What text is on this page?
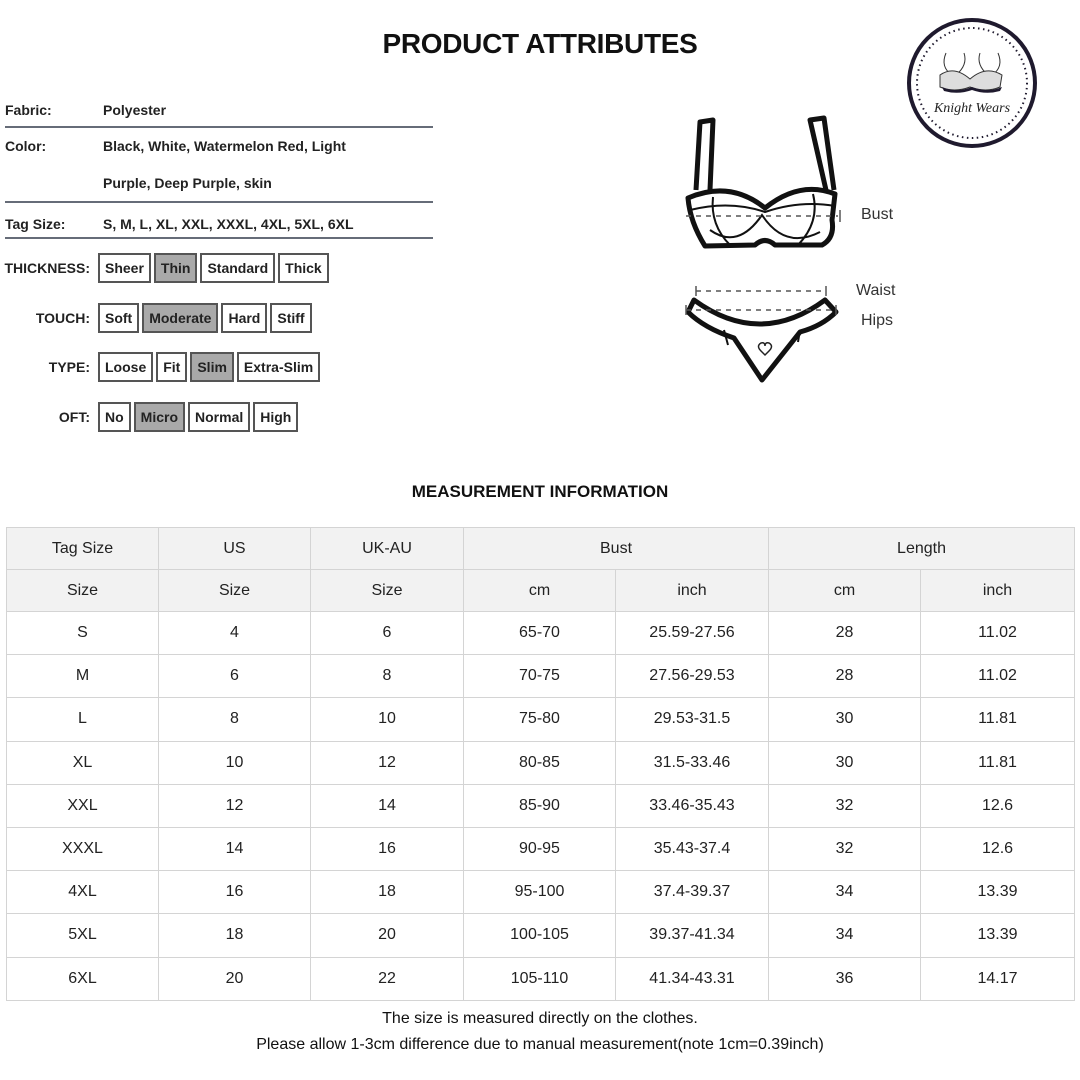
PRODUCT ATTRIBUTES
Knight Wears
Fabric:	Polyester
Color:	Black, White, Watermelon Red, Light
Purple, Deep Purple, skin
Tag Size:	S, M, L, XL, XXL, XXXL, 4XL, 5XL, 6XL
THICKNESS:	Sheer	Thin	Standard	Thick
TOUCH:	Soft	Moderate	Hard	Stiff
TYPE:	Loose	Fit	Slim	Extra-Slim
OFT:	No	Micro	Normal	High
Bust
Waist
Hips
MEASUREMENT INFORMATION
Tag Size	US	UK-AU	Bust		Length	
Size	Size	Size	cm	inch	cm	inch
S	4	6	65-70	25.59-27.56	28	11.02
M	6	8	70-75	27.56-29.53	28	11.02
L	8	10	75-80	29.53-31.5	30	11.81
XL	10	12	80-85	31.5-33.46	30	11.81
XXL	12	14	85-90	33.46-35.43	32	12.6
XXXL	14	16	90-95	35.43-37.4	32	12.6
4XL	16	18	95-100	37.4-39.37	34	13.39
5XL	18	20	100-105	39.37-41.34	34	13.39
6XL	20	22	105-110	41.34-43.31	36	14.17
The size is measured directly on the clothes.
Please allow 1-3cm difference due to manual measurement(note 1cm=0.39inch)
